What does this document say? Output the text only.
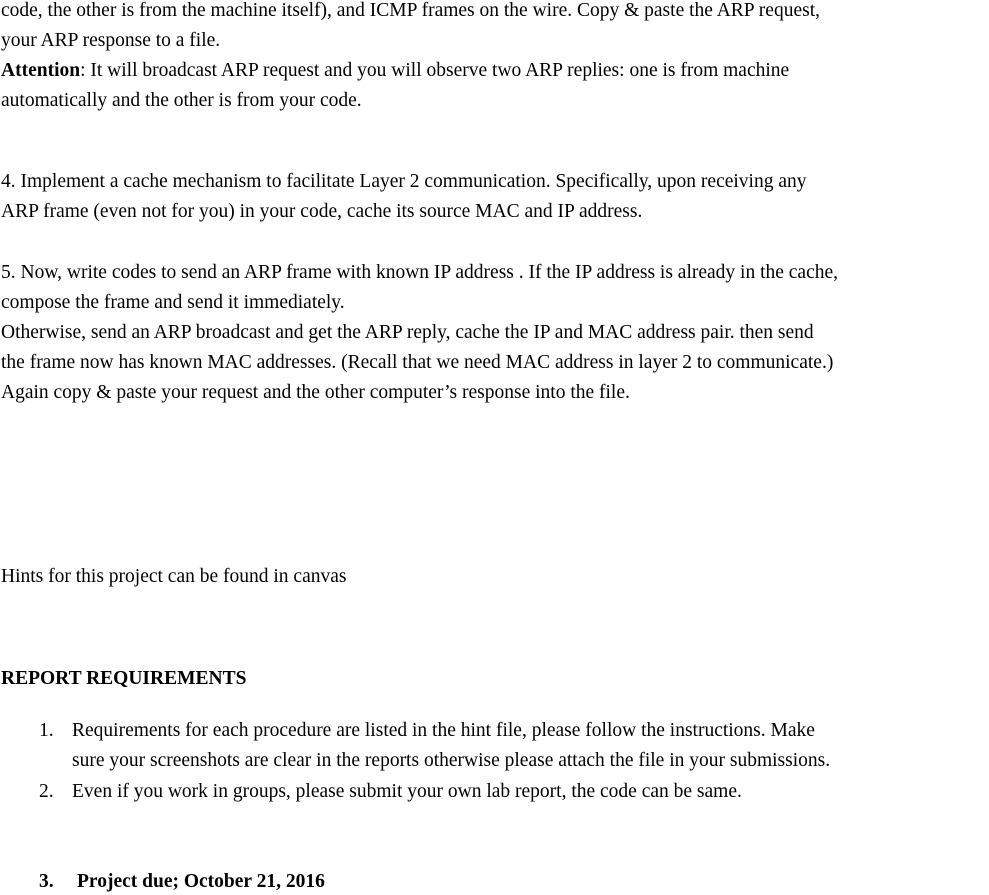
code, the other is from the machine itself), and ICMP frames on the wire. Copy & paste the ARP request,

your ARP response to a file.

Attention: It will broadcast ARP request and you will observe two ARP replies: one is from machine

automatically and the other is from your code.

4. Implement a cache mechanism to facilitate Layer 2 communication. Specifically, upon receiving any

ARP frame (even not for you) in your code, cache its source MAC and IP address.

5. Now, write codes to send an ARP frame with known IP address . If the IP address is already in the cache,

compose the frame and send it immediately.

Otherwise, send an ARP broadcast and get the ARP reply, cache the IP and MAC address pair. then send

the frame now has known MAC addresses. (Recall that we need MAC address in layer 2 to communicate.)

Again copy & paste your request and the other computer’s response into the file.

Hints for this project can be found in canvas

REPORT REQUIREMENTS

1. Requirements for each procedure are listed in the hint file, please follow the instructions. Make
sure your screenshots are clear in the reports otherwise please attach the file in your submissions.
2. Even if you work in groups, please submit your own lab report, the code can be same.
3. Project due; October 21, 2016
